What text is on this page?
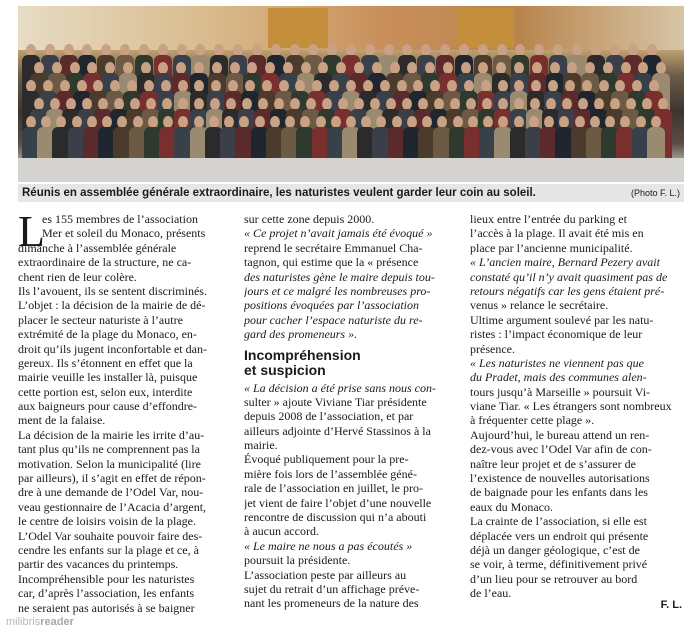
Réunis en assemblée générale extraordinaire, les naturistes veulent garder leur coin au soleil.	(Photo F. L.)
L
es 155 membres de l’association
Mer et soleil du Monaco, présents
dimanche à l’assemblée générale
extraordinaire de la structure, ne ca-
chent rien de leur colère.
Ils l’avouent, ils se sentent discriminés.
L’objet : la décision de la mairie de dé-
placer le secteur naturiste à l’autre
extrémité de la plage du Monaco, en-
droit qu’ils jugent inconfortable et dan-
gereux. Ils s’étonnent en effet que la
mairie veuille les installer là, puisque
cette portion est, selon eux, interdite
aux baigneurs pour cause d’effondre-
ment de la falaise.
La décision de la mairie les irrite d’au-
tant plus qu’ils ne comprennent pas la
motivation. Selon la municipalité (lire
par ailleurs), il s’agit en effet de répon-
dre à une demande de l’Odel Var, nou-
veau gestionnaire de l’Acacia d’argent,
le centre de loisirs voisin de la plage.
L’Odel Var souhaite pouvoir faire des-
cendre les enfants sur la plage et ce, à
partir des vacances du printemps.
Incompréhensible pour les naturistes
car, d’après l’association, les enfants
ne seraient pas autorisés à se baigner
sur cette zone depuis 2000.
« Ce projet n’avait jamais été évoqué »
reprend le secrétaire Emmanuel Cha-
tagnon, qui estime que la « présence
des naturistes gène le maire depuis tou-
jours et ce malgré les nombreuses pro-
positions évoquées par l’association
pour cacher l’espace naturiste du re-
gard des promeneurs ».
Incompréhension
et suspicion
« La décision a été prise sans nous con-
sulter » ajoute Viviane Tiar présidente
depuis 2008 de l’association, et par
ailleurs adjointe d’Hervé Stassinos à la
mairie.
Évoqué publiquement pour la pre-
mière fois lors de l’assemblée géné-
rale de l’association en juillet, le pro-
jet vient de faire l’objet d’une nouvelle
rencontre de discussion qui n’a abouti
à aucun accord.
« Le maire ne nous a pas écoutés »
poursuit la présidente.
L’association peste par ailleurs au
sujet du retrait d’un affichage préve-
nant les promeneurs de la nature des
lieux entre l’entrée du parking et
l’accès à la plage. Il avait été mis en
place par l’ancienne municipalité.
« L’ancien maire, Bernard Pezery avait
constaté qu’il n’y avait quasiment pas de
retours négatifs car les gens étaient pré-
venus » relance le secrétaire.
Ultime argument soulevé par les natu-
ristes : l’impact économique de leur
présence.
« Les naturistes ne viennent pas que
du Pradet, mais des communes alen-
tours jusqu’à Marseille » poursuit Vi-
viane Tiar. « Les étrangers sont nombreux
à fréquenter cette plage ».
Aujourd’hui, le bureau attend un ren-
dez-vous avec l’Odel Var afin de con-
naître leur projet et de s’assurer de
l’existence de nouvelles autorisations
de baignade pour les enfants dans les
eaux du Monaco.
La crainte de l’association, si elle est
déplacée vers un endroit qui présente
déjà un danger géologique, c’est de
se voir, à terme, définitivement privé
d’un lieu pour se retrouver au bord
de l’eau.
F. L.
milibrisreader
